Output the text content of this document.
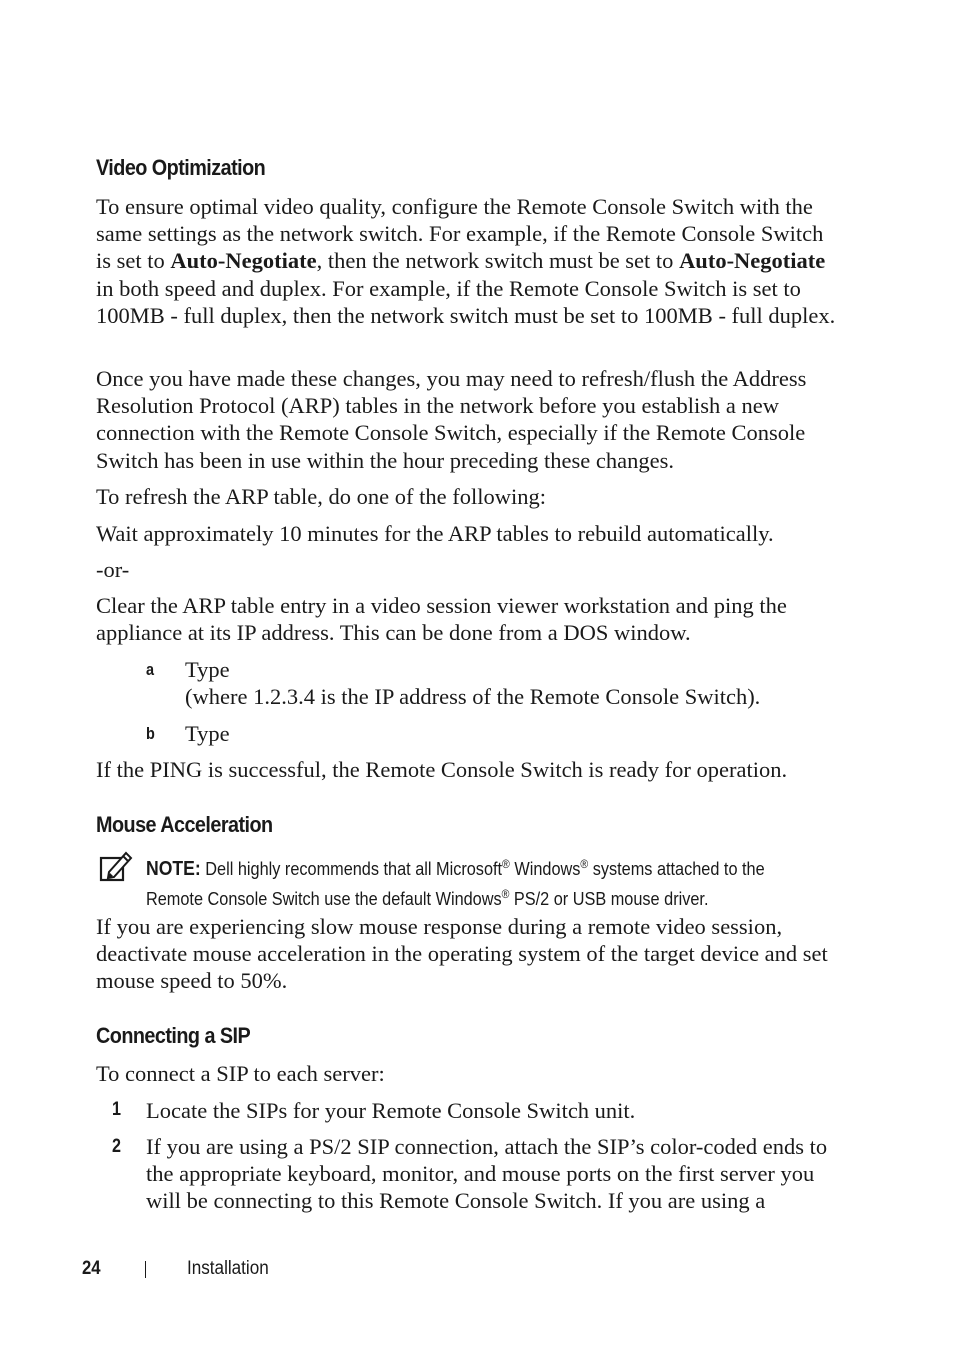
Video Optimization

To ensure optimal video quality, configure the Remote Console Switch with the same settings as the network switch. For example, if the Remote Console Switch is set to Auto-Negotiate, then the network switch must be set to Auto-Negotiate in both speed and duplex. For example, if the Remote Console Switch is set to 100MB - full duplex, then the network switch must be set to 100MB - full duplex.

Once you have made these changes, you may need to refresh/flush the Address Resolution Protocol (ARP) tables in the network before you establish a new connection with the Remote Console Switch, especially if the Remote Console Switch has been in use within the hour preceding these changes.

To refresh the ARP table, do one of the following:

Wait approximately 10 minutes for the ARP tables to rebuild automatically.

-or-

Clear the ARP table entry in a video session viewer workstation and ping the appliance at its IP address. This can be done from a DOS window.

a Type
(where 1.2.3.4 is the IP address of the Remote Console Switch).

b Type

If the PING is successful, the Remote Console Switch is ready for operation.

Mouse Acceleration

NOTE: Dell highly recommends that all Microsoft® Windows® systems attached to the Remote Console Switch use the default Windows® PS/2 or USB mouse driver.

If you are experiencing slow mouse response during a remote video session, deactivate mouse acceleration in the operating system of the target device and set mouse speed to 50%.

Connecting a SIP

To connect a SIP to each server:

1 Locate the SIPs for your Remote Console Switch unit.

2 If you are using a PS/2 SIP connection, attach the SIP’s color-coded ends to the appropriate keyboard, monitor, and mouse ports on the first server you will be connecting to this Remote Console Switch. If you are using a

24	Installation
